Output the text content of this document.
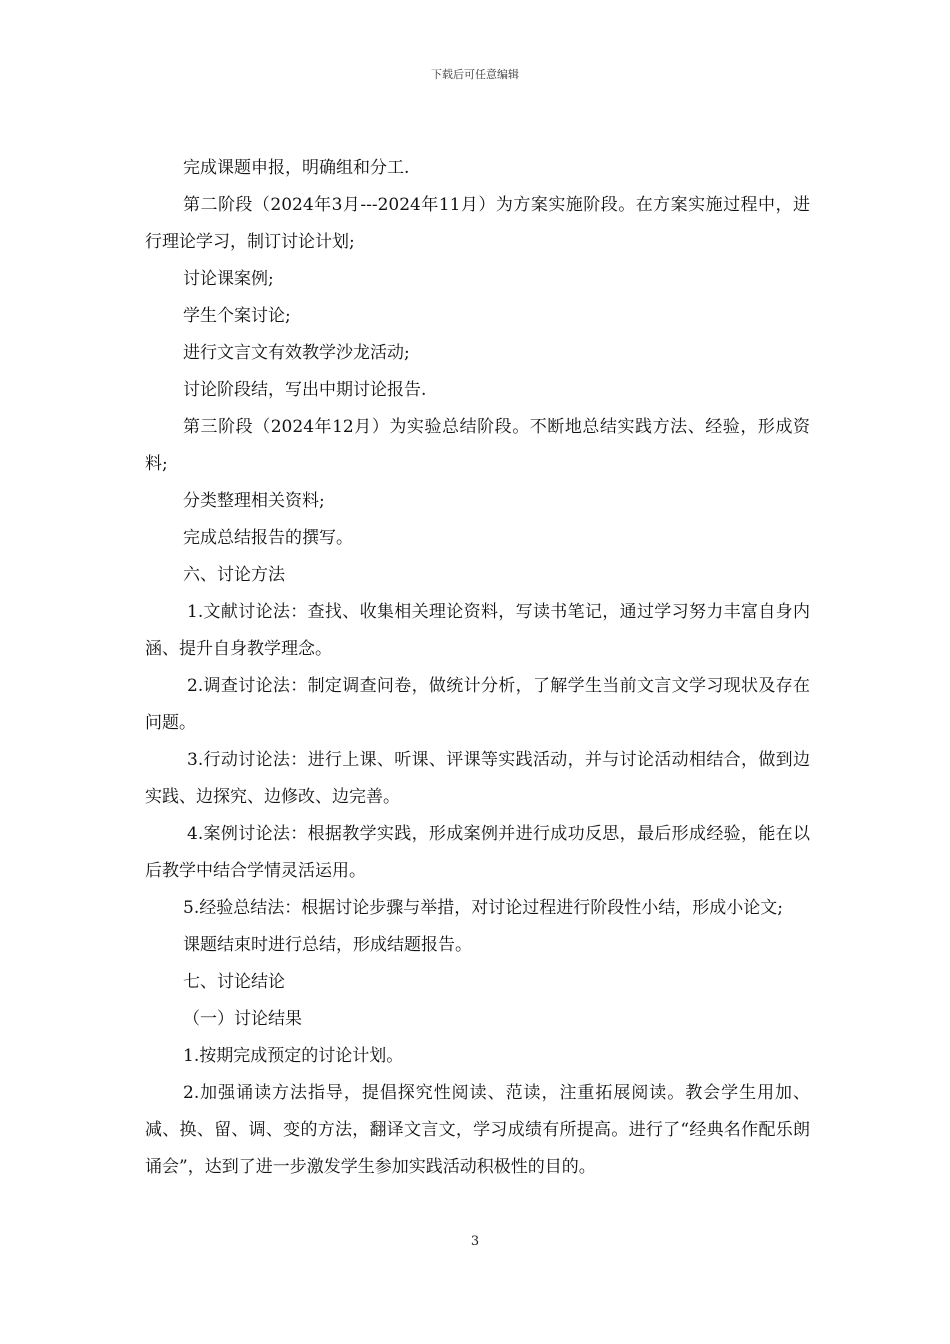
下载后可任意编辑

完成课题申报，明确组和分工.

第二阶段（2024年3月---2024年11月）为方案实施阶段。在方案实施过程中，进行理论学习，制订讨论计划;

讨论课案例;

学生个案讨论;

进行文言文有效教学沙龙活动;

讨论阶段结，写出中期讨论报告.

第三阶段（2024年12月）为实验总结阶段。不断地总结实践方法、经验，形成资料;

分类整理相关资料;

完成总结报告的撰写。

六、讨论方法

1.文献讨论法：查找、收集相关理论资料，写读书笔记，通过学习努力丰富自身内涵、提升自身教学理念。

2.调查讨论法：制定调查问卷，做统计分析，了解学生当前文言文学习现状及存在问题。

3.行动讨论法：进行上课、听课、评课等实践活动，并与讨论活动相结合，做到边实践、边探究、边修改、边完善。

4.案例讨论法：根据教学实践，形成案例并进行成功反思，最后形成经验，能在以后教学中结合学情灵活运用。

5.经验总结法：根据讨论步骤与举措，对讨论过程进行阶段性小结，形成小论文;

课题结束时进行总结，形成结题报告。

七、讨论结论

（一）讨论结果

1.按期完成预定的讨论计划。

2.加强诵读方法指导，提倡探究性阅读、范读，注重拓展阅读。教会学生用加、减、换、留、调、变的方法，翻译文言文，学习成绩有所提高。进行了“经典名作配乐朗诵会”，达到了进一步激发学生参加实践活动积极性的目的。

3
